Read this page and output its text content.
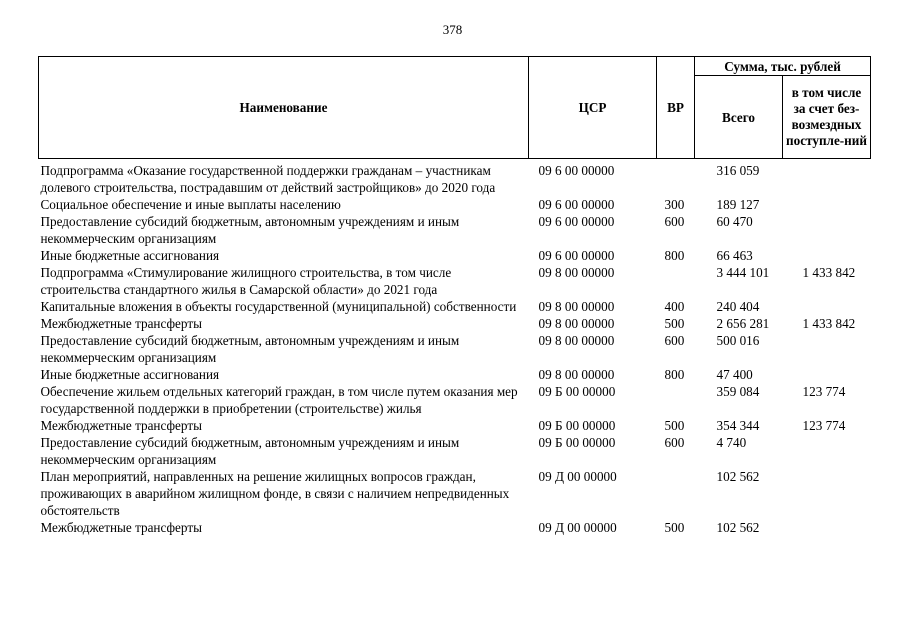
378
Наименование	ЦСР	ВР	Сумма, тыс. рублей	
			Всего	в том числе за счет без-возмездных поступле-ний
Подпрограмма «Оказание государственной поддержки гражданам – участникам долевого строительства, пострадавшим от действий застройщиков» до 2020 года	09 6 00 00000		316 059	
Социальное обеспечение и иные выплаты населению	09 6 00 00000	300	189 127	
Предоставление субсидий бюджетным, автономным учреждениям и иным некоммерческим организациям	09 6 00 00000	600	60 470	
Иные бюджетные ассигнования	09 6 00 00000	800	66 463	
Подпрограмма «Стимулирование жилищного строительства, в том числе строительства стандартного жилья в Самарской области» до 2021 года	09 8 00 00000		3 444 101	1 433 842
Капитальные вложения в объекты государственной (муниципальной) собственности	09 8 00 00000	400	240 404	
Межбюджетные трансферты	09 8 00 00000	500	2 656 281	1 433 842
Предоставление субсидий бюджетным, автономным учреждениям и иным некоммерческим организациям	09 8 00 00000	600	500 016	
Иные бюджетные ассигнования	09 8 00 00000	800	47 400	
Обеспечение жильем отдельных категорий граждан, в том числе путем оказания мер государственной поддержки в приобретении (строительстве) жилья	09 Б 00 00000		359 084	123 774
Межбюджетные трансферты	09 Б 00 00000	500	354 344	123 774
Предоставление субсидий бюджетным, автономным учреждениям и иным некоммерческим организациям	09 Б 00 00000	600	4 740	
План мероприятий, направленных на решение жилищных вопросов граждан, проживающих в аварийном жилищном фонде, в связи с наличием непредвиденных обстоятельств	09 Д 00 00000		102 562	
Межбюджетные трансферты	09 Д 00 00000	500	102 562	
